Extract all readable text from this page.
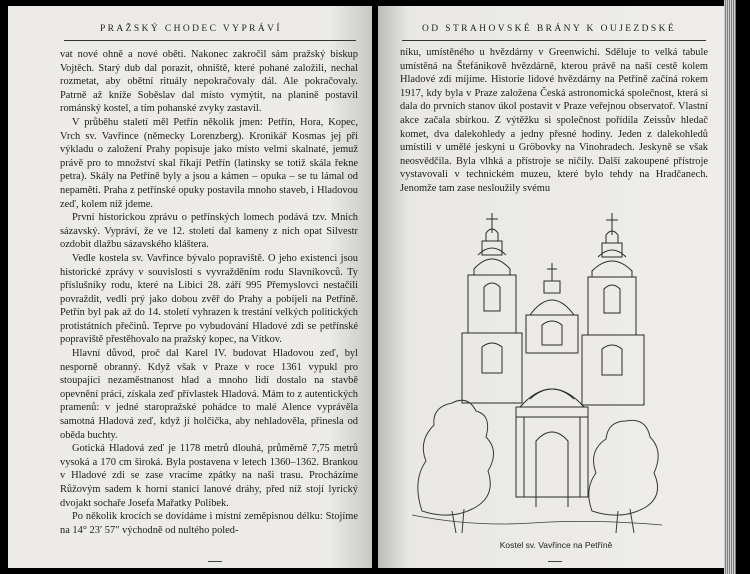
PRAŽSKÝ CHODEC VYPRÁVÍ

vat nové ohně a nové oběti. Nakonec zakročil sám pražský biskup Vojtěch. Starý dub dal porazit, ohniště, které pohané založili, nechal rozmetat, aby obětní rituály nepokračovaly dál. Ale pokračovaly. Patrně až kníže Soběslav dal místo vymýtit, na planině postavil románský kostel, a tím pohanské zvyky zastavil.

V průběhu staletí měl Petřín několik jmen: Petřín, Hora, Kopec, Vrch sv. Vavřince (německy Lorenzberg). Kronikář Kosmas jej při výkladu o založení Prahy popisuje jako místo velmi skalnaté, jemuž právě pro to množství skal říkají Petřín (latinsky se totiž skála řekne petra). Skály na Petříně byly a jsou a kámen – opuka – se tu lámal od nepaměti. Praha z petřínské opuky postavila mnoho staveb, i Hladovou zeď, kolem níž jdeme.

První historickou zprávu o petřínských lomech podává tzv. Mnich sázavský. Vypráví, že ve 12. století dal kameny z nich opat Silvestr ozdobit dlažbu sázavského kláštera.

Vedle kostela sv. Vavřince bývalo popraviště. O jeho existenci jsou historické zprávy v souvislosti s vyvražděním rodu Slavníkovců. Ty příslušníky rodu, které na Libici 28. září 995 Přemyslovci nestačili povraždit, vedli prý jako dobou zvěř do Prahy a pobíjeli na Petříně. Petřín byl pak až do 14. století vyhrazen k trestání velkých politických protistátních přečinů. Teprve po vybudování Hladové zdi se petřínské popraviště přestěhovalo na pražský kopec, na Vítkov.

Hlavní důvod, proč dal Karel IV. budovat Hladovou zeď, byl nesporně obranný. Když však v Praze v roce 1361 vypukl pro stoupající nezaměstnanost hlad a mnoho lidí dostalo na stavbě opevnění práci, získala zeď přívlastek Hladová. Mám to z autentických pramenů: v jedné staropražské pohádce to malé Alence vyprávěla samotná Hladová zeď, když jí holčička, aby nehladověla, přinesla od oběda buchty.

Gotická Hladová zeď je 1178 metrů dlouhá, průměrně 7,75 metrů vysoká a 170 cm široká. Byla postavena v letech 1360–1362. Brankou v Hladové zdi se zase vracíme zpátky na naši trasu. Procházíme Růžovým sadem k horní stanici lanové dráhy, před níž stojí lyrický dvojakt sochaře Josefa Mařatky Polibek.

Po několik krocích se dovídáme i místní zeměpisnou délku: Stojíme na 14° 23′ 57″ východně od nultého poled-

OD STRAHOVSKÉ BRÁNY K OUJEZDSKÉ

níku, umístěného u hvězdárny v Greenwichi. Sděluje to velká tabule umístěná na Štefánikově hvězdárně, kterou právě na naší cestě kolem Hladové zdi míjíme. Historie lidové hvězdárny na Petříně začíná rokem 1917, kdy byla v Praze založena Česká astronomická společnost, která si dala do prvních stanov úkol postavit v Praze veřejnou observatoř. Vlastní akce začala sbírkou. Z výtěžku si společnost pořídila Zeissův hledač komet, dva dalekohledy a jedny přesné hodiny. Jeden z dalekohledů umístili v umělé jeskyni u Gröbovky na Vinohradech. Jeskyně se však neosvědčila. Byla vlhká a přístroje se ničily. Další zakoupené přístroje vystavovali v technickém muzeu, které bylo tehdy na Hradčanech. Jenomže tam zase nesloužily svému

Kostel sv. Vavřince na Petříně
